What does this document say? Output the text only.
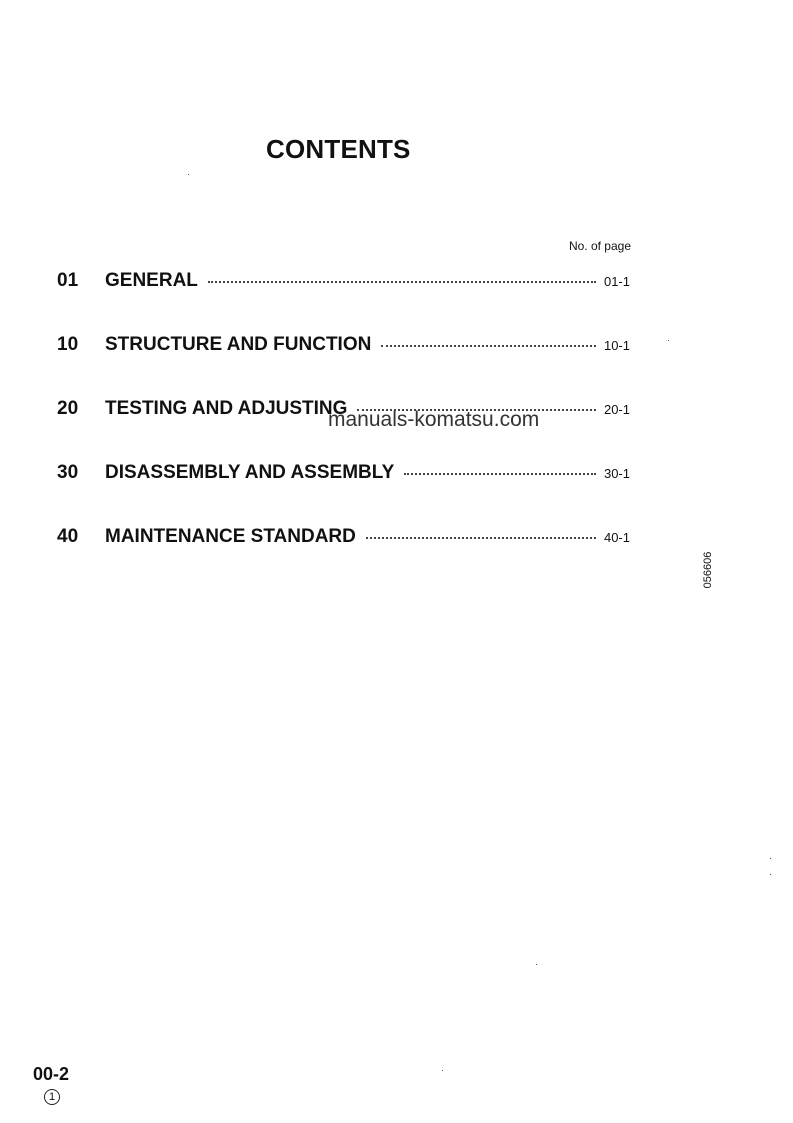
CONTENTS
No. of page
01	GENERAL	01-1
10	STRUCTURE AND FUNCTION	10-1
20	TESTING AND ADJUSTING	20-1
30	DISASSEMBLY AND ASSEMBLY	30-1
40	MAINTENANCE STANDARD	40-1
manuals-komatsu.com
056606
00-2
1
